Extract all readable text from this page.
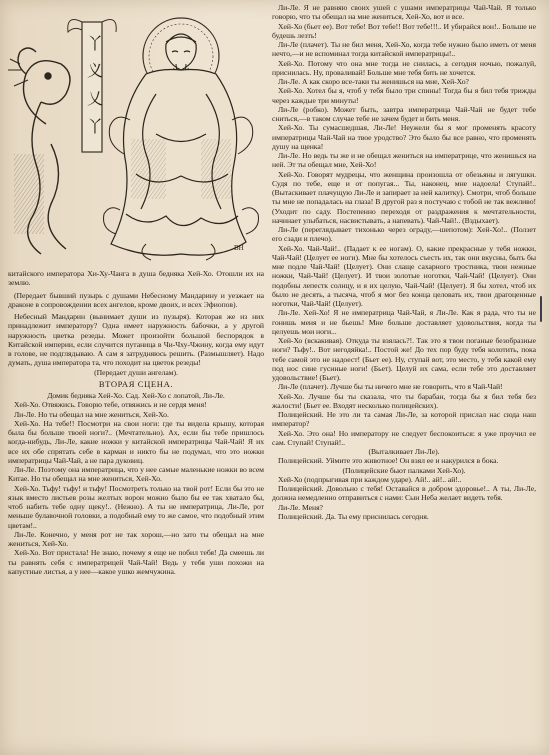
丫
义
乂
丫
ВН

китайского императора Хи-Ху-Чанга в душа бедняка Хей-Хо. Отошли их на землю.

(Передает бывший пузырь с душами Небесному Мандарину и уезжает на драконе в сопровождении всех ангелов, кроме двоих, и всех Эфиопов).

Небесный Мандарин (вынимает души из пузыря). Которая же из них принадлежит императору? Одна имеет наружность бабочки, а у другой наружность цветка резеды. Может произойти большой беспорядок в Китайской империи, если случится путаница в Чи-Чху-Чжину, когда ему идут в голове, не подглядываю. А сам я затрудняюсь решить. (Размышляет). Надо думать, душа императора та, что походит на цветок резеды!

(Передает души ангелам).

ВТОРАЯ СЦЕНА.

Домик бедняка Хей-Хо. Сад. Хей-Хо с лопатой, Ли-Ле.

Хей-Хо. Отвяжись. Говорю тебе, отвяжись и не сердя меня!

Ли-Ле. Но ты обещал на мне жениться, Хей-Хо.

Хей-Хо. На тебе!! Посмотри на свои ноги: где ты видела крышу, которая была бы больше твоей ноги?.. (Мечтательно). Ах, если бы тебе пришлось когда-нибудь, Ли-Ле, какие ножки у китайской императрицы Чай-Чай! Я их все их обе спрятать себе в карман и никто бы не подумал, что это ножки императрицы Чай-Чай, а не пара дуковиц.

Ли-Ле. Поэтому она императрица, что у нее самые маленькие ножки во всем Китае. Но ты обещал на мне жениться, Хей-Хо.

Хей-Хо. Тьфу! тьфу! и тьфу! Посмотреть только на твой рот! Если бы это не язык вместо листьев розы желтых ворон можно было бы ее так хватало бы, чтоб набить тебе одну щеку!.. (Нежно). А ты не императрица, Ли-Ле, рот меньше булавочной головки, а подобный ему то же самое, что подобный этим цветам!..

Ли-Ле. Конечно, у меня рот не так хорош,—но зато ты обещал на мне жениться, Хей-Хо.

Хей-Хо. Вот пристала! Не знаю, почему я еще не побил тебя! Да смеешь ли ты равнять себя с императрицей Чай-Чай! Ведь у тебя уши похожи на капустные листья, а у нее—какое ушко жемчужина.

Ли-Ле. Я не равняю своих ушей с ушами императрицы Чай-Чай. Я только говорю, что ты обещал на мне жениться, Хей-Хо, вот и все.

Хей-Хо (бьет ее). Вот тебе! Вот тебе!! Вот тебе!!!.. И убирайся вон!.. Больше не будешь лезть!

Ли-Ле (плачет). Ты не бил меня, Хей-Хо, когда тебе нужно было иметь от меня нечто,—и не вспоминал тогда китайской императрицы!..

Хей-Хо. Потому что она мне тогда не снилась, а сегодня ночью, пожалуй, приснилась. Ну, проваливай! Больше мне тебя бить не хочется.

Ли-Ле. А как скоро все-таки ты женишься на мне, Хей-Хо?

Хей-Хо. Хотел бы я, чтоб у тебя было три спины! Тогда бы я бил тебя трижды через каждые три минуты!

Ли-Ле (робко). Может быть, завтра императрица Чай-Чай не будет тебе сниться,—в таком случае тебе не зачем будет и бить меня.

Хей-Хо. Ты сумасшедшая, Ли-Ле! Неужели бы я мог променять красоту императрицы Чай-Чай на твое уродство? Это было бы все равно, что променять душу на щенка!

Ли-Ле. Но ведь ты же и не обещал жениться на императрице, что женишься на ней. Эт ты обещал мне, Хей-Хо!

Хей-Хо. Говорят мудрецы, что женщина произошла от обезьяны и лягушки. Судя по тебе, еще и от попугая... Ты, наконец, мне надоела! Ступай!.. (Вытаскивает плачущую Ли-Ле и запирает за ней калитку). Смотри, чтоб больше ты мне не попадалась на глаза! В другой раз я постучаю с тобой не так вежливо! (Уходит по саду. Постепенно переходя от раздражения к мечтательности, начинает улыбаться, насвистывать, а напевать). Чай-Чай!.. (Вздыхает).

Ли-Ле (переглядывает тихонько через ограду,—шепотом): Хей-Хо!.. (Ползет его сзади и плечо).

Хей-Хо. Чай-Чай!.. (Падает к ее ногам). О, какие прекрасные у тебя ножки, Чай-Чай! (Целует ее ноги). Мне бы хотелось съесть их, так они вкусны, быть бы мне подле Чай-Чай! (Целует). Они слаще сахарного тростника, твои нежные ножки, Чай-Чай! (Целует). И твои золотые ноготки, Чай-Чай! (Целует). Они подобны лепестк солнцу, и я их целую, Чай-Чай! (Целует). Я бы хотел, чтоб их было не десять, а тысяча, чтоб я мог без конца целовать их, твои драгоценные ноготки, Чай-Чай! (Целует).

Ли-Ле. Хей-Хо! Я не императрица Чай-Чай, я Ли-Ле. Как я рада, что ты не гонишь меня и не бьешь! Мне больше доставляет удовольствия, когда ты целуешь мои ноги...

Хей-Хо (вскакивая). Откуда ты взялась?!. Так это я твои поганые безобразные ноги? Тьфу!.. Вот негодяйка!.. Постой же! До тех пор буду тебя колотить, пока тебе самой это не надоест! (Бьет ее). Ну, ступай вот, это место, у тебя какой ему под нос сине гусиные ноги! (Бьет). Целуй их сама, если тебе это доставляет удовольствие! (Бьет).

Ли-Ле (плачет). Лучше бы ты ничего мне не говорить, что я Чай-Чай!

Хей-Хо. Лучше бы ты сказала, что ты барабан, тогда бы я бил тебя без жалости! (Бьет ее. Входят несколько полицейских).

Полицейский. Не это ли та самая Ли-Ле, за которой прислал нас сюда наш император?

Хей-Хо. Это она! Но императору не следует беспокоиться: я уже проучил ее сам. Ступай! Ступай!..

(Выталкивает Ли-Ле).

Полицейский. Уймите это животное! Он взял ее и накурился в бока.

(Полицейские бьют палками Хей-Хо).

Хей-Хо (подпрыгивая при каждом ударе). Ай!.. ай!.. ай!..

Полицейский. Довольно с тебя! Оставайся в добром здоровье!.. А ты, Ли-Ле, должна немедленно отправиться с нами: Сын Неба желает видеть тебя.

Ли-Ле. Меня?

Полицейский. Да. Ты ему приснилась сегодня.
